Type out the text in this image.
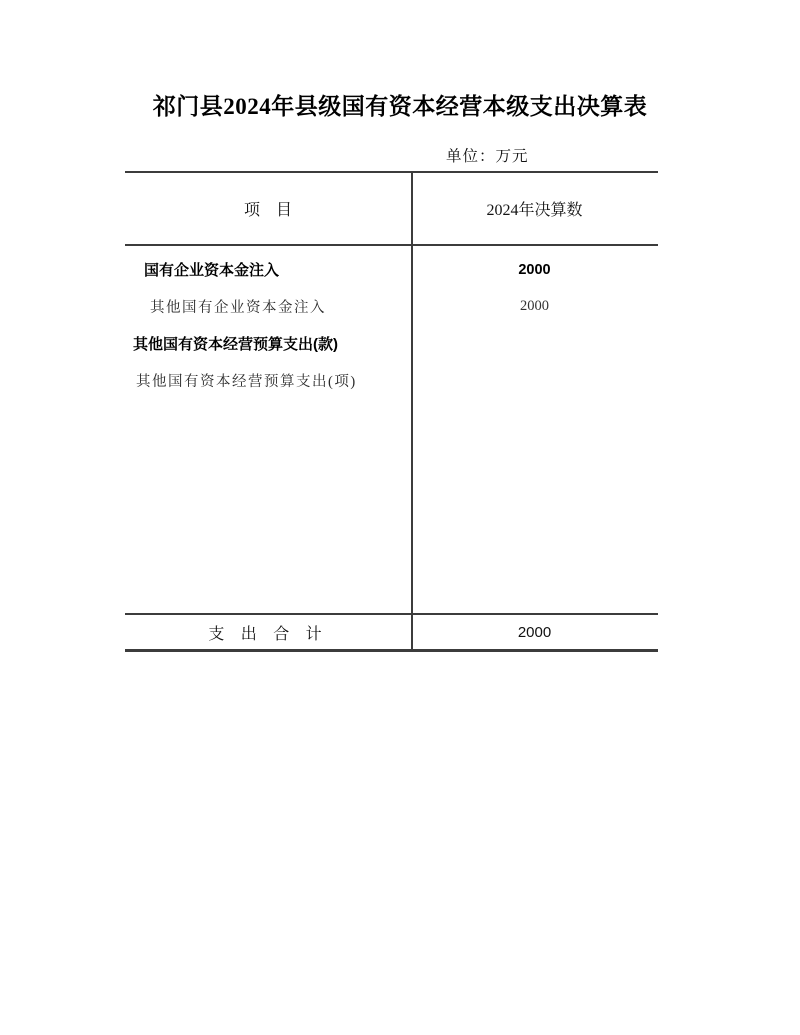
祁门县2024年县级国有资本经营本级支出决算表
单位：万元
项　目	2024年决算数
国有企业资本金注入	2000
其他国有企业资本金注入	2000
其他国有资本经营预算支出(款)
其他国有资本经营预算支出(项)
支 出 合 计	2000
